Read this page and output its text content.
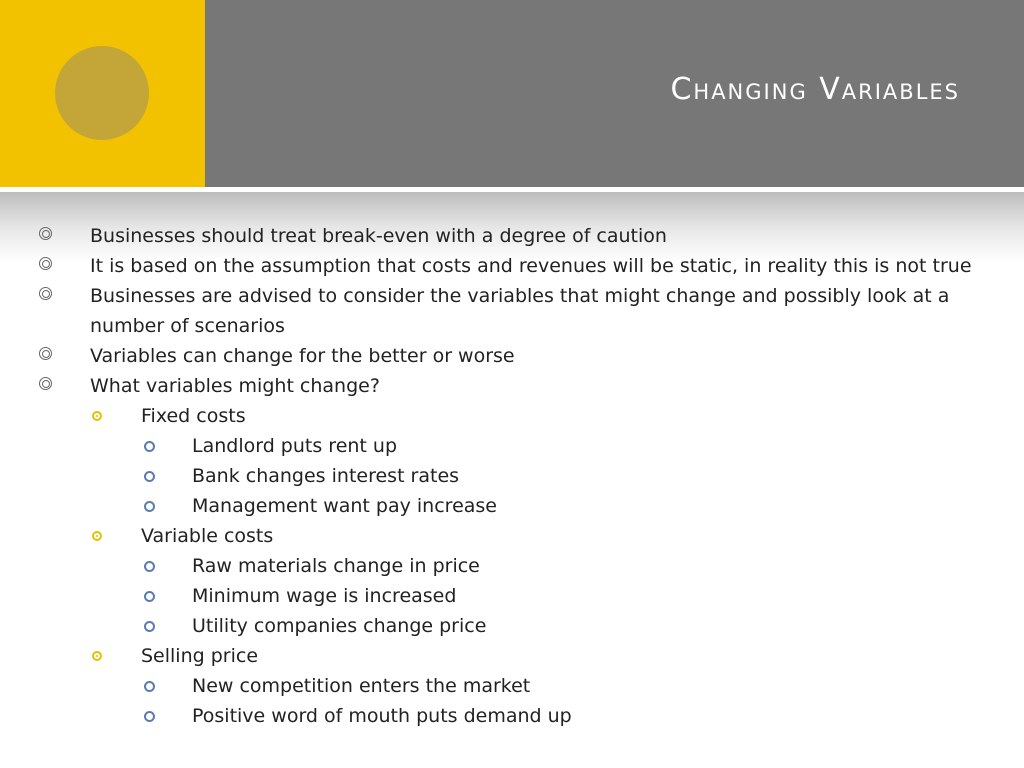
Changing Variables
Businesses should treat break-even with a degree of caution
It is based on the assumption that costs and revenues will be static, in reality this is not true
Businesses are advised to consider the variables that might change and possibly look at a number of scenarios
Variables can change for the better or worse
What variables might change?
Fixed costs
Landlord puts rent up
Bank changes interest rates
Management want pay increase
Variable costs
Raw materials change in price
Minimum wage is increased
Utility companies change price
Selling price
New competition enters the market
Positive word of mouth puts demand up
